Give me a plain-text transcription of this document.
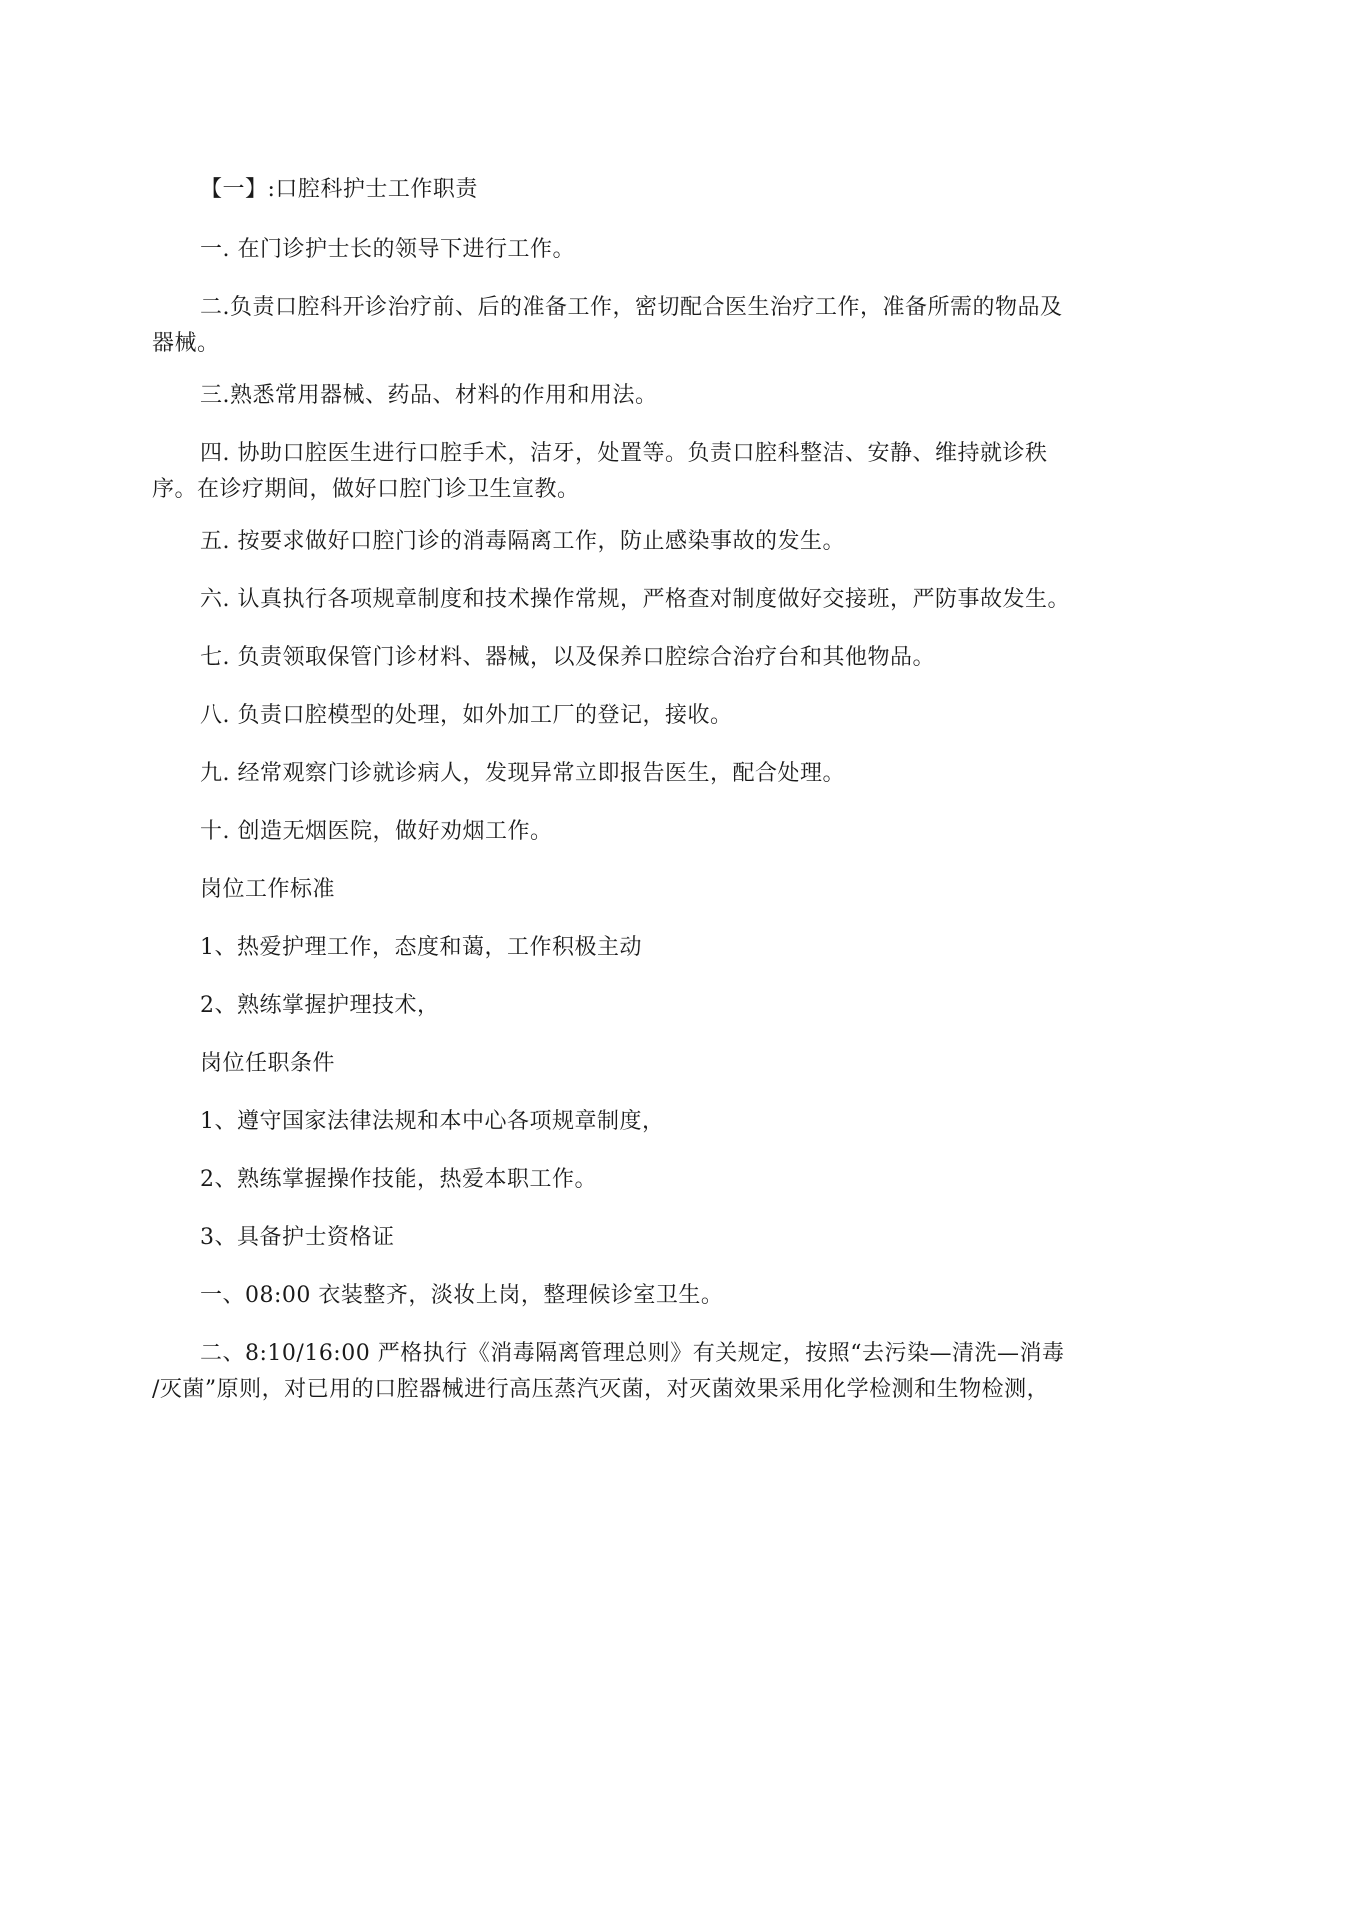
【一】:口腔科护士工作职责
一. 在门诊护士长的领导下进行工作。
二.负责口腔科开诊治疗前、后的准备工作，密切配合医生治疗工作，准备所需的物品及
器械。
三.熟悉常用器械、药品、材料的作用和用法。
四. 协助口腔医生进行口腔手术，洁牙，处置等。负责口腔科整洁、安静、维持就诊秩
序。在诊疗期间，做好口腔门诊卫生宣教。
五. 按要求做好口腔门诊的消毒隔离工作，防止感染事故的发生。
六. 认真执行各项规章制度和技术操作常规，严格查对制度做好交接班，严防事故发生。
七. 负责领取保管门诊材料、器械，以及保养口腔综合治疗台和其他物品。
八. 负责口腔模型的处理，如外加工厂的登记，接收。
九. 经常观察门诊就诊病人，发现异常立即报告医生，配合处理。
十. 创造无烟医院，做好劝烟工作。
岗位工作标准
1、热爱护理工作，态度和蔼，工作积极主动
2、熟练掌握护理技术，
岗位任职条件
1、遵守国家法律法规和本中心各项规章制度，
2、熟练掌握操作技能，热爱本职工作。
3、具备护士资格证
一、08:00 衣装整齐，淡妆上岗，整理候诊室卫生。
二、8:10/16:00 严格执行《消毒隔离管理总则》有关规定，按照“去污染—清洗—消毒
/灭菌”原则，对已用的口腔器械进行高压蒸汽灭菌，对灭菌效果采用化学检测和生物检测，
